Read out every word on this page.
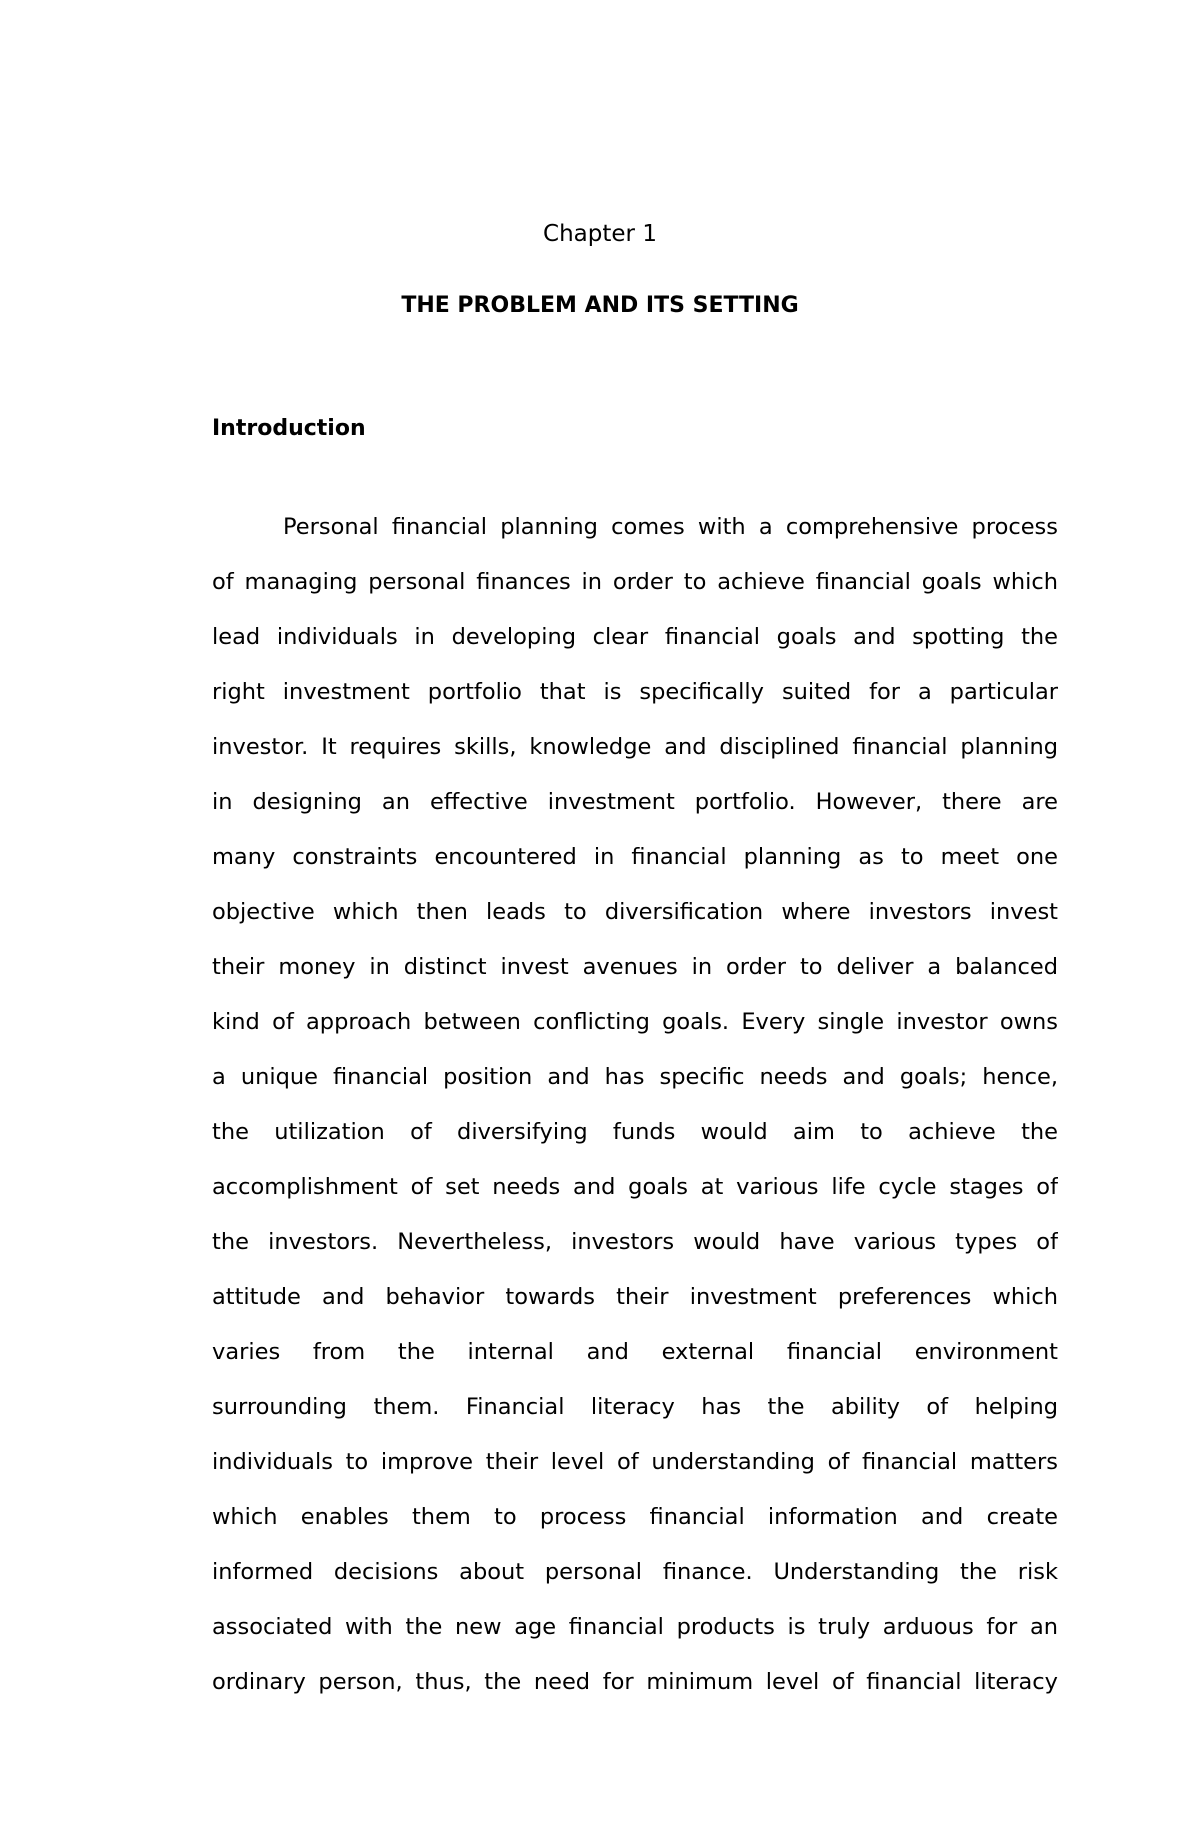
Chapter 1

THE PROBLEM AND ITS SETTING

Introduction

Personal financial planning comes with a comprehensive process
of managing personal finances in order to achieve financial goals which
lead individuals in developing clear financial goals and spotting the
right investment portfolio that is specifically suited for a particular
investor. It requires skills, knowledge and disciplined financial planning
in designing an effective investment portfolio. However, there are
many constraints encountered in financial planning as to meet one
objective which then leads to diversification where investors invest
their money in distinct invest avenues in order to deliver a balanced
kind of approach between conflicting goals. Every single investor owns
a unique financial position and has specific needs and goals; hence,
the utilization of diversifying funds would aim to achieve the
accomplishment of set needs and goals at various life cycle stages of
the investors. Nevertheless, investors would have various types of
attitude and behavior towards their investment preferences which
varies from the internal and external financial environment
surrounding them. Financial literacy has the ability of helping
individuals to improve their level of understanding of financial matters
which enables them to process financial information and create
informed decisions about personal finance. Understanding the risk
associated with the new age financial products is truly arduous for an
ordinary person, thus, the need for minimum level of financial literacy
